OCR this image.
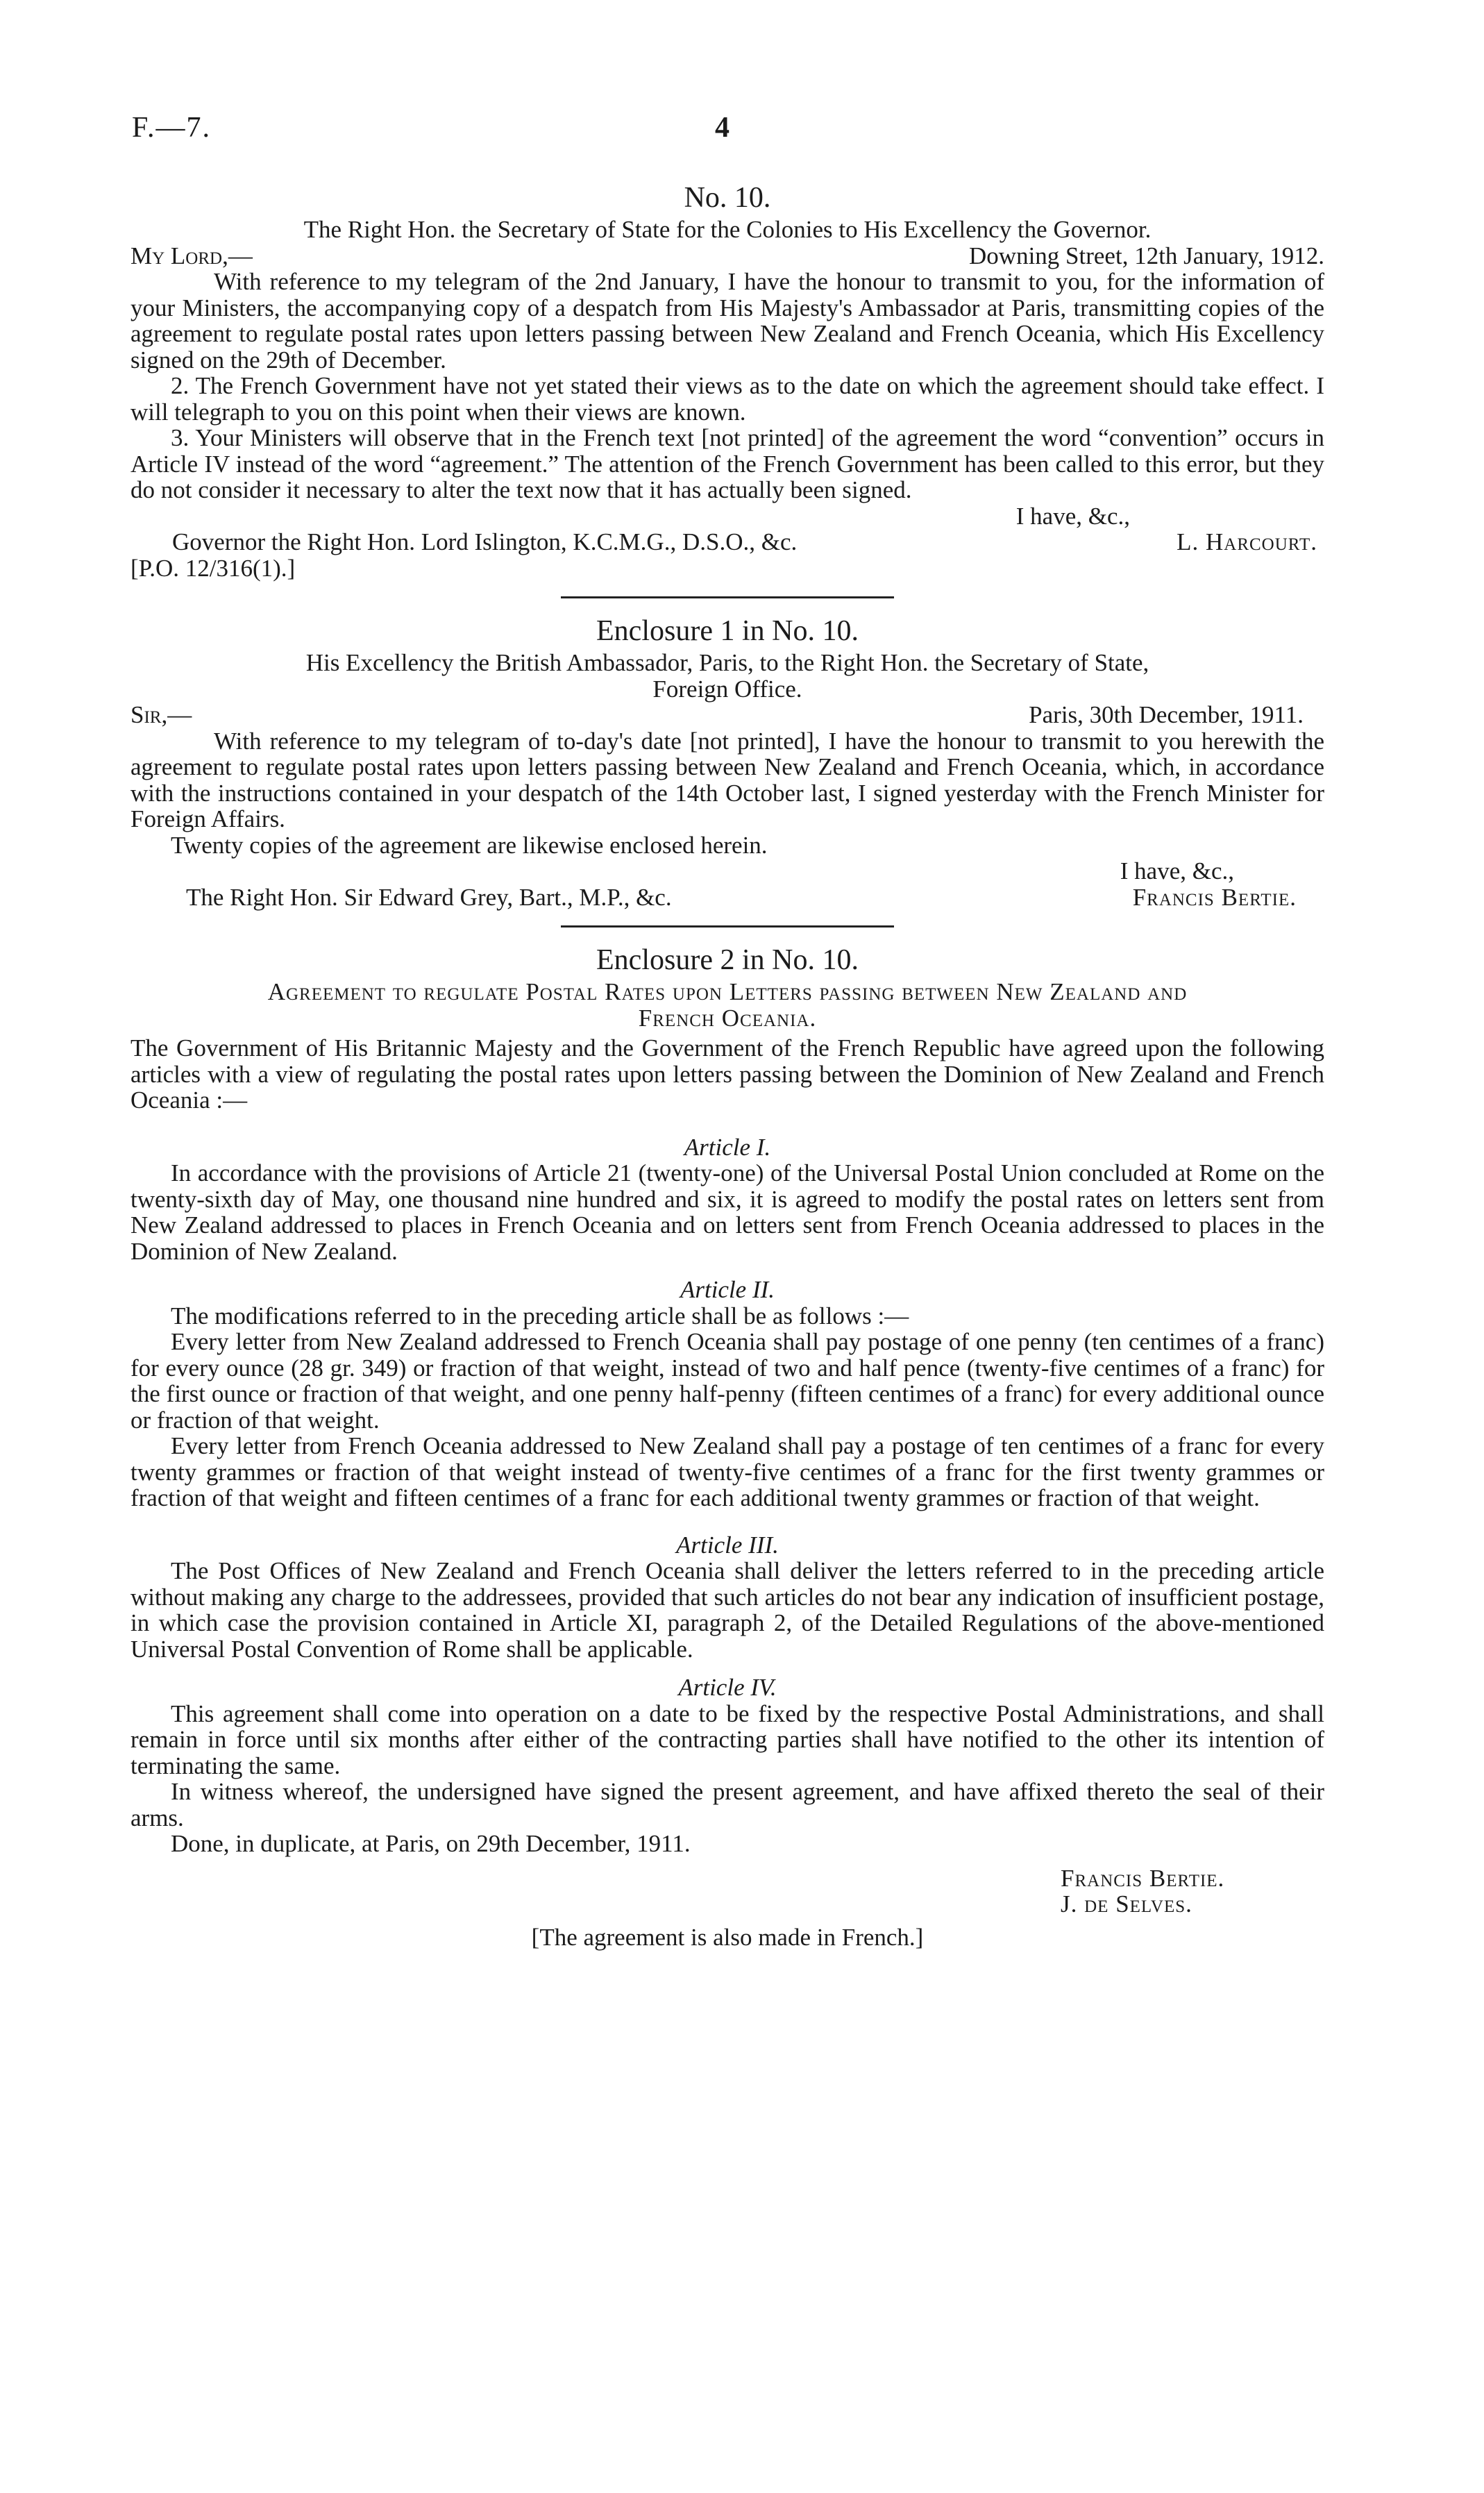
F.—7.	4
No. 10.

The Right Hon. the Secretary of State for the Colonies to His Excellency the Governor.

My Lord,—	Downing Street, 12th January, 1912.

With reference to my telegram of the 2nd January, I have the honour to transmit to you, for the information of your Ministers, the accompanying copy of a despatch from His Majesty's Ambassador at Paris, transmitting copies of the agreement to regulate postal rates upon letters passing between New Zealand and French Oceania, which His Excellency signed on the 29th of December.

2. The French Government have not yet stated their views as to the date on which the agreement should take effect. I will telegraph to you on this point when their views are known.

3. Your Ministers will observe that in the French text [not printed] of the agreement the word “convention” occurs in Article IV instead of the word “agreement.” The attention of the French Government has been called to this error, but they do not consider it necessary to alter the text now that it has actually been signed.

I have, &c.,

Governor the Right Hon. Lord Islington, K.C.M.G., D.S.O., &c.	L. Harcourt.

[P.O. 12/316(1).]

Enclosure 1 in No. 10.

His Excellency the British Ambassador, Paris, to the Right Hon. the Secretary of State,

Foreign Office.

Sir,—	Paris, 30th December, 1911.

With reference to my telegram of to-day's date [not printed], I have the honour to transmit to you herewith the agreement to regulate postal rates upon letters passing between New Zealand and French Oceania, which, in accordance with the instructions contained in your despatch of the 14th October last, I signed yesterday with the French Minister for Foreign Affairs.

Twenty copies of the agreement are likewise enclosed herein.

I have, &c.,

The Right Hon. Sir Edward Grey, Bart., M.P., &c.	Francis Bertie.
Enclosure 2 in No. 10.

Agreement to regulate Postal Rates upon Letters passing between New Zealand and

French Oceania.

The Government of His Britannic Majesty and the Government of the French Republic have agreed upon the following articles with a view of regulating the postal rates upon letters passing between the Dominion of New Zealand and French Oceania :—

Article I.

In accordance with the provisions of Article 21 (twenty-one) of the Universal Postal Union concluded at Rome on the twenty-sixth day of May, one thousand nine hundred and six, it is agreed to modify the postal rates on letters sent from New Zealand addressed to places in French Oceania and on letters sent from French Oceania addressed to places in the Dominion of New Zealand.

Article II.

The modifications referred to in the preceding article shall be as follows :—

Every letter from New Zealand addressed to French Oceania shall pay postage of one penny (ten centimes of a franc) for every ounce (28 gr. 349) or fraction of that weight, instead of two and half pence (twenty-five centimes of a franc) for the first ounce or fraction of that weight, and one penny half-penny (fifteen centimes of a franc) for every additional ounce or fraction of that weight.

Every letter from French Oceania addressed to New Zealand shall pay a postage of ten centimes of a franc for every twenty grammes or fraction of that weight instead of twenty-five centimes of a franc for the first twenty grammes or fraction of that weight and fifteen centimes of a franc for each additional twenty grammes or fraction of that weight.

Article III.

The Post Offices of New Zealand and French Oceania shall deliver the letters referred to in the preceding article without making any charge to the addressees, provided that such articles do not bear any indication of insufficient postage, in which case the provision contained in Article XI, paragraph 2, of the Detailed Regulations of the above-mentioned Universal Postal Convention of Rome shall be applicable.

Article IV.

This agreement shall come into operation on a date to be fixed by the respective Postal Administrations, and shall remain in force until six months after either of the contracting parties shall have notified to the other its intention of terminating the same.

In witness whereof, the undersigned have signed the present agreement, and have affixed thereto the seal of their arms.

Done, in duplicate, at Paris, on 29th December, 1911.

Francis Bertie.

J. de Selves.

[The agreement is also made in French.]
